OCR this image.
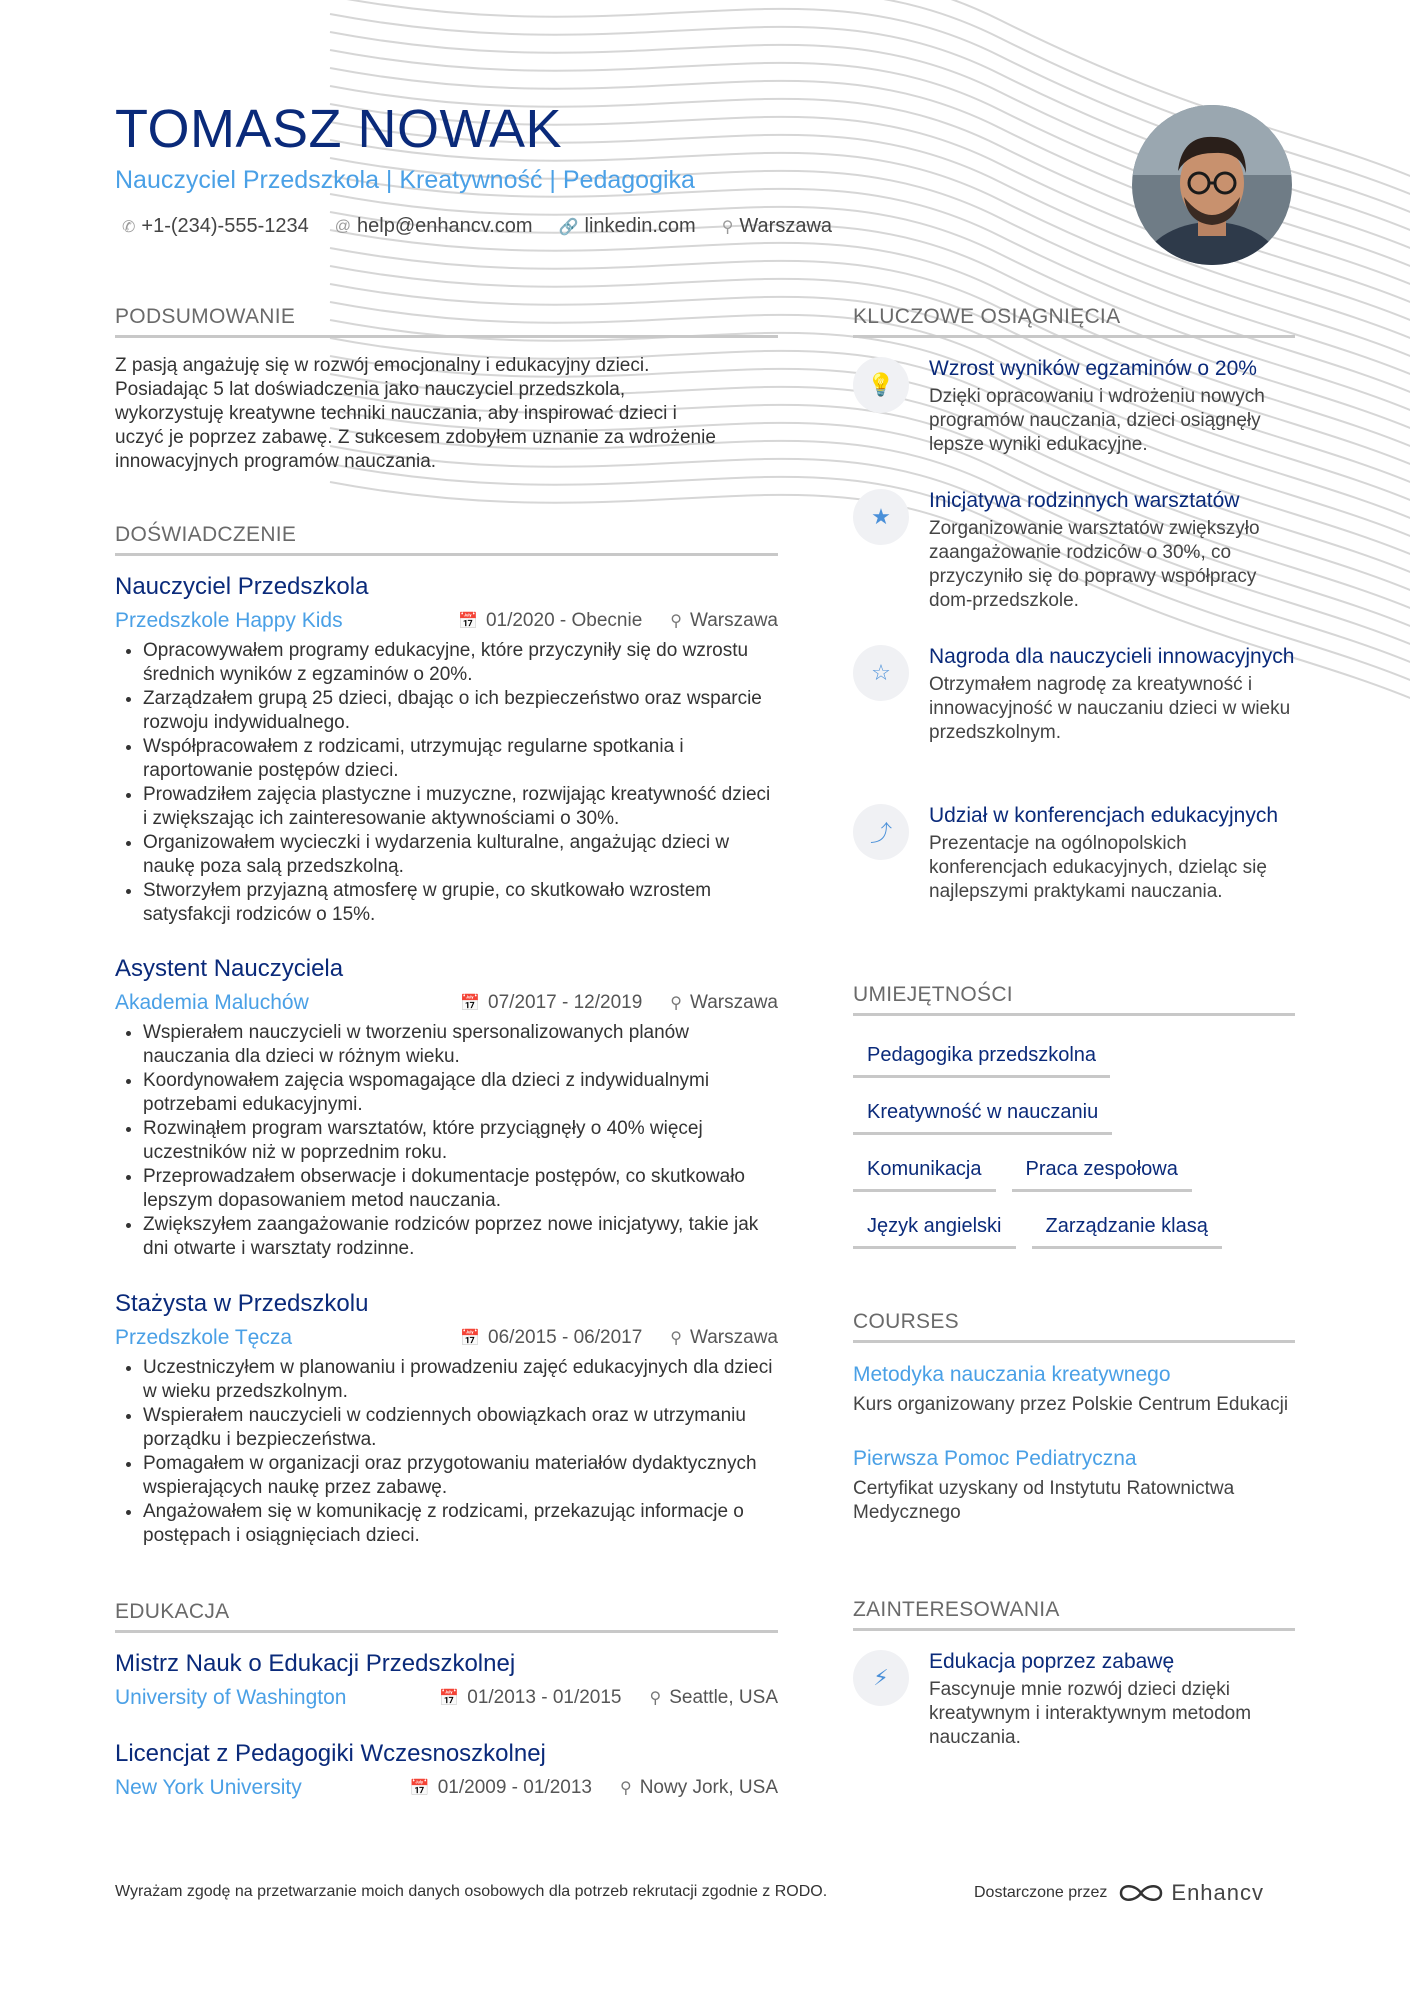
TOMASZ NOWAK
Nauczyciel Przedszkola | Kreatywność | Pedagogika
✆ +1-(234)-555-1234 @ help@enhancv.com 🔗 linkedin.com ⚲ Warszawa
PODSUMOWANIE
Z pasją angażuję się w rozwój emocjonalny i edukacyjny dzieci.
Posiadając 5 lat doświadczenia jako nauczyciel przedszkola,
wykorzystuję kreatywne techniki nauczania, aby inspirować dzieci i
uczyć je poprzez zabawę. Z sukcesem zdobyłem uznanie za wdrożenie
innowacyjnych programów nauczania.
DOŚWIADCZENIE
Nauczyciel Przedszkola
Przedszkole Happy Kids	📅 01/2020 - Obecnie ⚲ Warszawa
• Opracowywałem programy edukacyjne, które przyczyniły się do wzrostu średnich wyników z egzaminów o 20%.
• Zarządzałem grupą 25 dzieci, dbając o ich bezpieczeństwo oraz wsparcie rozwoju indywidualnego.
• Współpracowałem z rodzicami, utrzymując regularne spotkania i raportowanie postępów dzieci.
• Prowadziłem zajęcia plastyczne i muzyczne, rozwijając kreatywność dzieci i zwiększając ich zainteresowanie aktywnościami o 30%.
• Organizowałem wycieczki i wydarzenia kulturalne, angażując dzieci w naukę poza salą przedszkolną.
• Stworzyłem przyjazną atmosferę w grupie, co skutkowało wzrostem satysfakcji rodziców o 15%.
Asystent Nauczyciela
Akademia Maluchów	📅 07/2017 - 12/2019 ⚲ Warszawa
• Wspierałem nauczycieli w tworzeniu spersonalizowanych planów nauczania dla dzieci w różnym wieku.
• Koordynowałem zajęcia wspomagające dla dzieci z indywidualnymi potrzebami edukacyjnymi.
• Rozwinąłem program warsztatów, które przyciągnęły o 40% więcej uczestników niż w poprzednim roku.
• Przeprowadzałem obserwacje i dokumentacje postępów, co skutkowało lepszym dopasowaniem metod nauczania.
• Zwiększyłem zaangażowanie rodziców poprzez nowe inicjatywy, takie jak dni otwarte i warsztaty rodzinne.
Stażysta w Przedszkolu
Przedszkole Tęcza	📅 06/2015 - 06/2017 ⚲ Warszawa
• Uczestniczyłem w planowaniu i prowadzeniu zajęć edukacyjnych dla dzieci w wieku przedszkolnym.
• Wspierałem nauczycieli w codziennych obowiązkach oraz w utrzymaniu porządku i bezpieczeństwa.
• Pomagałem w organizacji oraz przygotowaniu materiałów dydaktycznych wspierających naukę przez zabawę.
• Angażowałem się w komunikację z rodzicami, przekazując informacje o postępach i osiągnięciach dzieci.
EDUKACJA
Mistrz Nauk o Edukacji Przedszkolnej
University of Washington	📅 01/2013 - 01/2015 ⚲ Seattle, USA
Licencjat z Pedagogiki Wczesnoszkolnej
New York University	📅 01/2009 - 01/2013 ⚲ Nowy Jork, USA
KLUCZOWE OSIĄGNIĘCIA
💡
Wzrost wyników egzaminów o 20%
Dzięki opracowaniu i wdrożeniu nowych programów nauczania, dzieci osiągnęły lepsze wyniki edukacyjne.
★
Inicjatywa rodzinnych warsztatów
Zorganizowanie warsztatów zwiększyło zaangażowanie rodziców o 30%, co przyczyniło się do poprawy współpracy dom-przedszkole.
☆
Nagroda dla nauczycieli innowacyjnych
Otrzymałem nagrodę za kreatywność i innowacyjność w nauczaniu dzieci w wieku przedszkolnym.
⤴
Udział w konferencjach edukacyjnych
Prezentacje na ogólnopolskich konferencjach edukacyjnych, dzieląc się najlepszymi praktykami nauczania.
UMIEJĘTNOŚCI
Pedagogika przedszkolna
Kreatywność w nauczaniu
Komunikacja Praca zespołowa
Język angielski Zarządzanie klasą
COURSES
Metodyka nauczania kreatywnego
Kurs organizowany przez Polskie Centrum Edukacji
Pierwsza Pomoc Pediatryczna
Certyfikat uzyskany od Instytutu Ratownictwa Medycznego
ZAINTERESOWANIA
⚡
Edukacja poprzez zabawę
Fascynuje mnie rozwój dzieci dzięki kreatywnym i interaktywnym metodom nauczania.
Wyrażam zgodę na przetwarzanie moich danych osobowych dla potrzeb rekrutacji zgodnie z RODO.	Dostarczone przez	Enhancv
